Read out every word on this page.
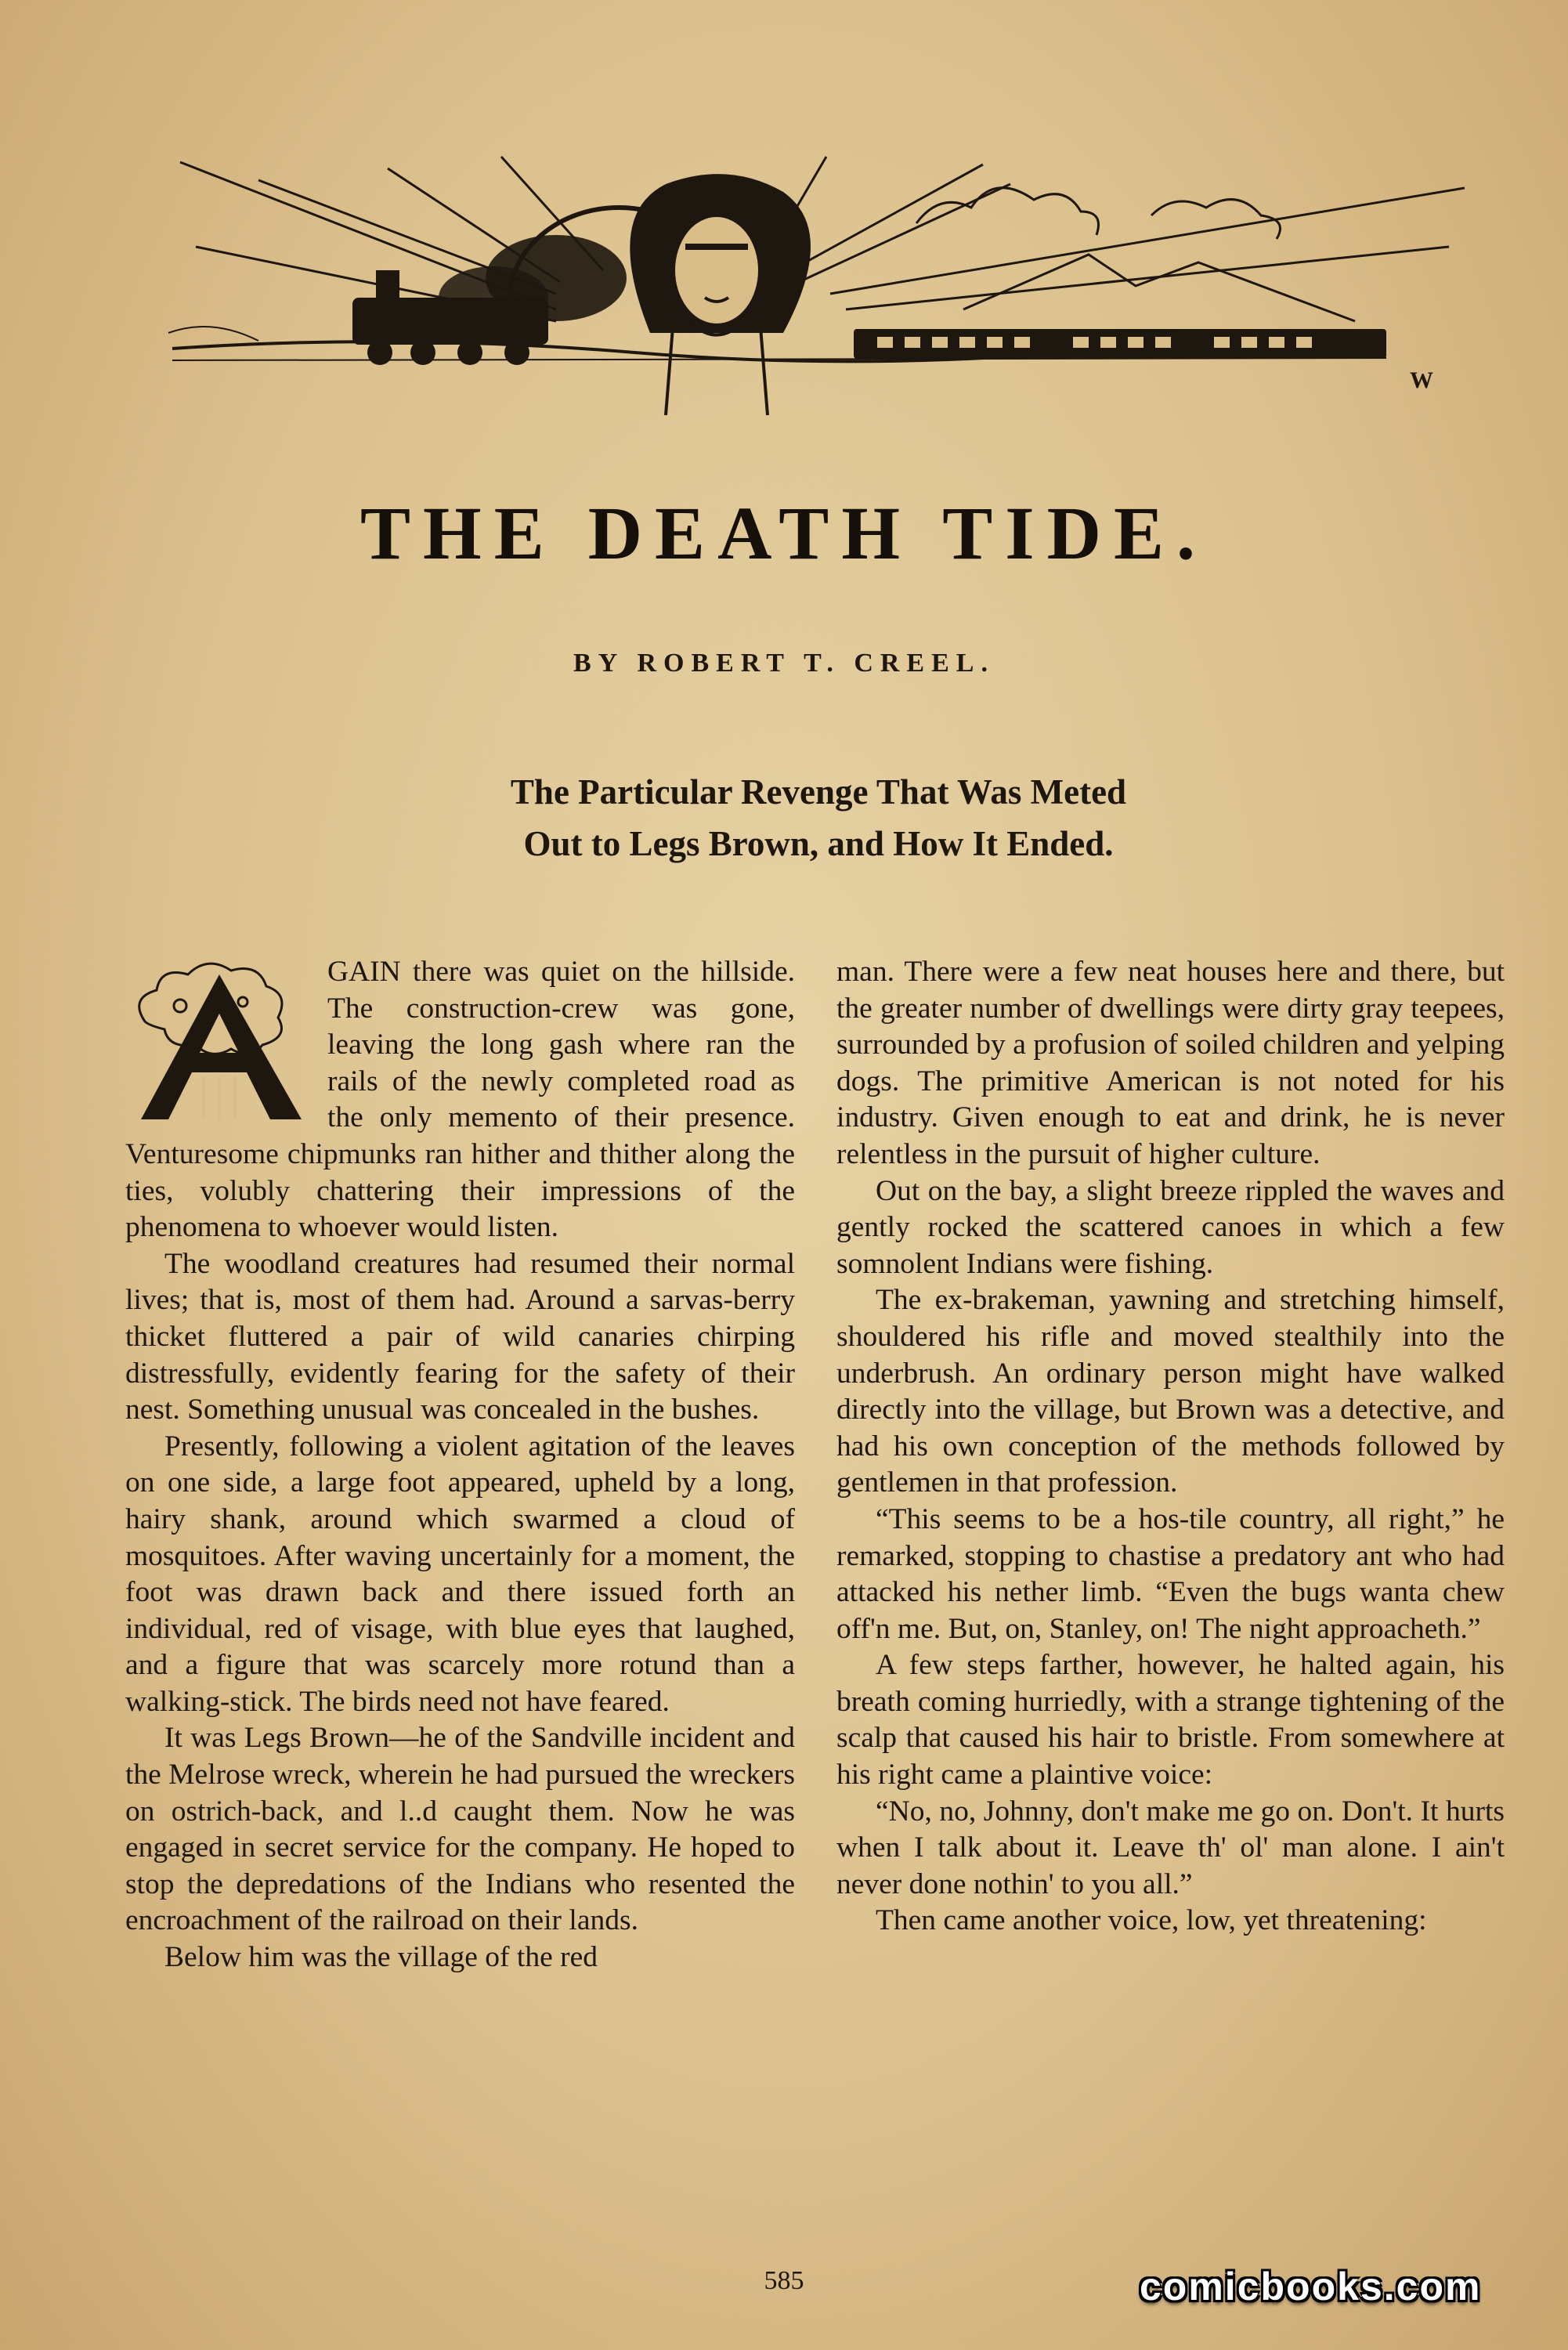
W
THE DEATH TIDE.
BY ROBERT T. CREEL.
The Particular Revenge That Was Meted
Out to Legs Brown, and How It Ended.

GAIN there was quiet on the hillside. The construction-crew was gone, leaving the long gash where ran the rails of the newly completed road as the only memento of their presence. Venturesome chipmunks ran hither and thither along the ties, volubly chattering their impressions of the phenomena to whoever would listen.

The woodland creatures had resumed their normal lives; that is, most of them had. Around a sarvas-berry thicket fluttered a pair of wild canaries chirping distressfully, evidently fearing for the safety of their nest. Something unusual was concealed in the bushes.

Presently, following a violent agitation of the leaves on one side, a large foot appeared, upheld by a long, hairy shank, around which swarmed a cloud of mosquitoes. After waving uncertainly for a moment, the foot was drawn back and there issued forth an individual, red of visage, with blue eyes that laughed, and a figure that was scarcely more rotund than a walking-stick. The birds need not have feared.

It was Legs Brown—he of the Sandville incident and the Melrose wreck, wherein he had pursued the wreckers on ostrich-back, and l..d caught them. Now he was engaged in secret service for the company. He hoped to stop the depredations of the Indians who resented the encroachment of the railroad on their lands.

Below him was the village of the red

man. There were a few neat houses here and there, but the greater number of dwellings were dirty gray teepees, surrounded by a profusion of soiled children and yelping dogs. The primitive American is not noted for his industry. Given enough to eat and drink, he is never relentless in the pursuit of higher culture.

Out on the bay, a slight breeze rippled the waves and gently rocked the scattered canoes in which a few somnolent Indians were fishing.

The ex-brakeman, yawning and stretching himself, shouldered his rifle and moved stealthily into the underbrush. An ordinary person might have walked directly into the village, but Brown was a detective, and had his own conception of the methods followed by gentlemen in that profession.

“This seems to be a hos-tile country, all right,” he remarked, stopping to chastise a predatory ant who had attacked his nether limb. “Even the bugs wanta chew off'n me. But, on, Stanley, on! The night approacheth.”

A few steps farther, however, he halted again, his breath coming hurriedly, with a strange tightening of the scalp that caused his hair to bristle. From somewhere at his right came a plaintive voice:

“No, no, Johnny, don't make me go on. Don't. It hurts when I talk about it. Leave th' ol' man alone. I ain't never done nothin' to you all.”

Then came another voice, low, yet threatening:

585	comicbooks.com
